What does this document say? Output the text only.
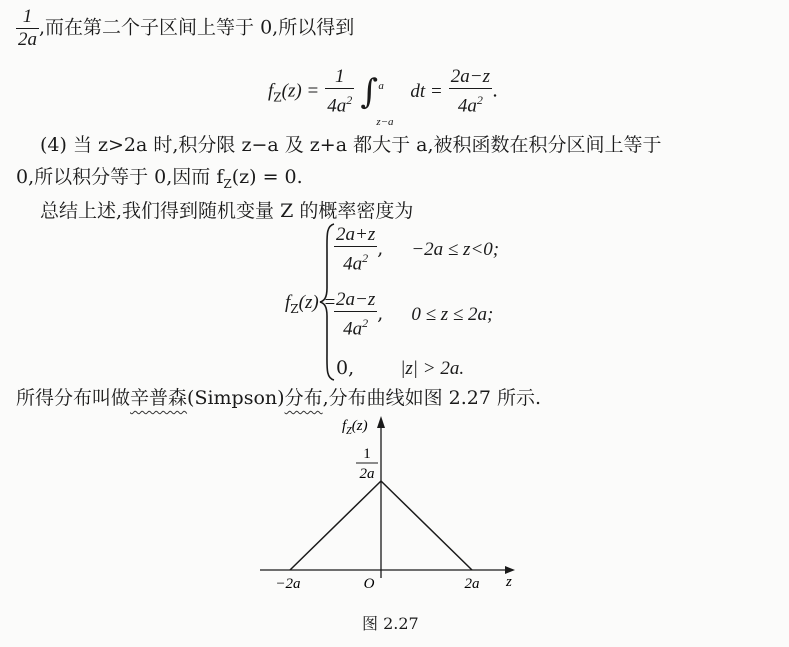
$\frac{1}{2a}$ ,而在第二个子区间上等于 0,所以得到
$f_Z(z) = \frac{1}{4a^2}$ ∫ a
z−a
dt = $\frac{2a-z}{4a^2}$ .
(4) 当 z>2a 时,积分限 z−a 及 z+a 都大于 a,被积函数在积分区间上等于
0,所以积分等于 0,因而 $f_Z(z) = 0$.
总结上述,我们得到随机变量 Z 的概率密度为
$f_Z(z)$ =
$\frac{2a+z}{4a^2}$ , −2a ≤ z<0;
$\frac{2a-z}{4a^2}$ , 0 ≤ z ≤ 2a;
0, |z| > 2a.
所得分布叫做辛普森(Simpson)分布,分布曲线如图 2.27 所示.
$f_Z(z)$
1
2a
−2a	O	2a z
图 2.27
